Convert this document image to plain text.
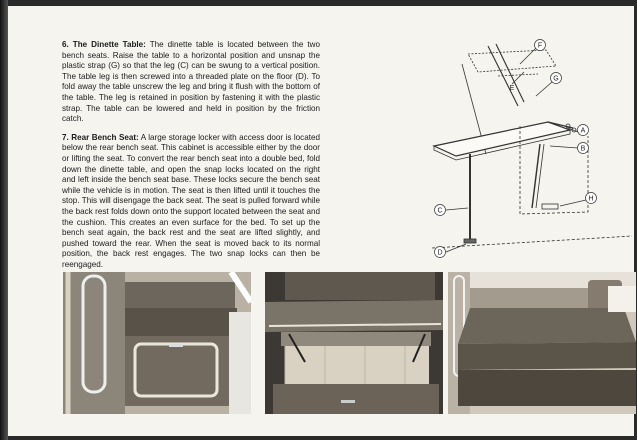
6. The Dinette Table: The dinette table is located between the two bench seats. Raise the table to a horizontal position and unsnap the plastic strap (G) so that the leg (C) can be swung to a vertical position. The table leg is then screwed into a threaded plate on the floor (D). To fold away the table unscrew the leg and bring it flush with the bottom of the table. The leg is retained in position by fastening it with the plastic strap. The table can be lowered and held in position by the friction catch.

7. Rear Bench Seat: A large storage locker with access door is located below the rear bench seat. This cabinet is accessible either by the door or lifting the seat. To convert the rear bench seat into a double bed, fold down the dinette table, and open the snap locks located on the right and left inside the bench seat base. These locks secure the bench seat while the vehicle is in motion. The seat is then lifted until it touches the stop. This will disengage the back seat. The seat is pulled forward while the back rest folds down onto the support located between the seat and the cushion. This creates an even surface for the bed. To set up the bench seat again, the back rest and the seat are lifted slightly, and pushed toward the rear. When the seat is moved back to its normal position, the back rest engages. The two snap locks can then be reengaged.

F
E
G
A
B
H
C
D
